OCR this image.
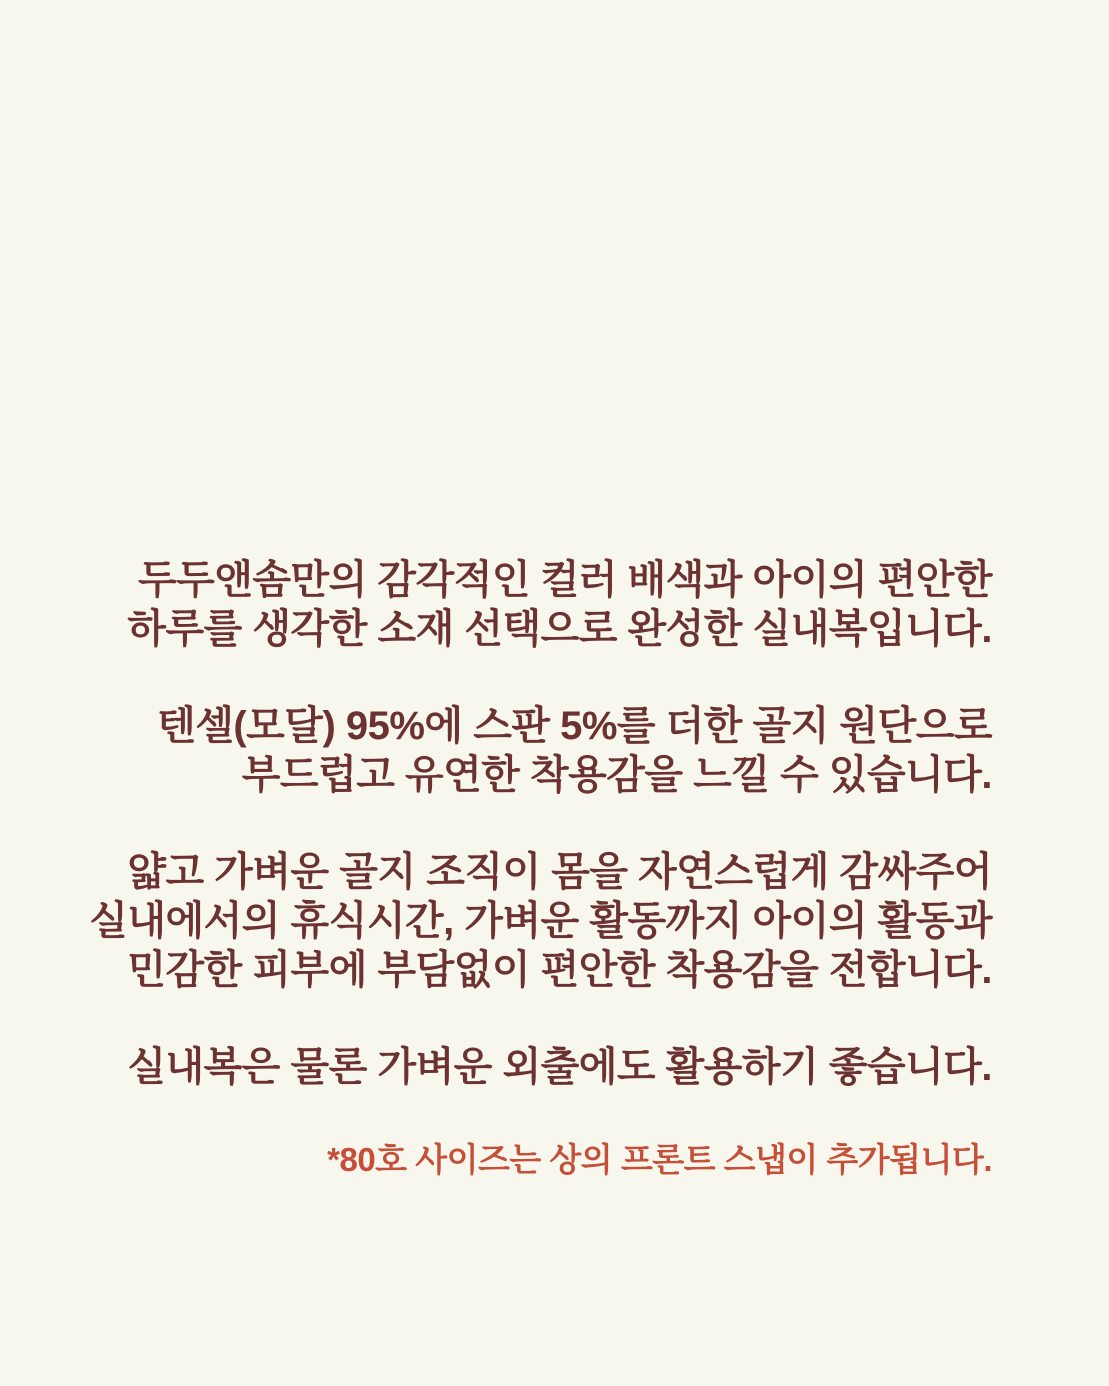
두두앤솜만의 감각적인 컬러 배색과 아이의 편안한
하루를 생각한 소재 선택으로 완성한 실내복입니다.

텐셀(모달) 95%에 스판 5%를 더한 골지 원단으로
부드럽고 유연한 착용감을 느낄 수 있습니다.

얇고 가벼운 골지 조직이 몸을 자연스럽게 감싸주어
실내에서의 휴식시간, 가벼운 활동까지 아이의 활동과
민감한 피부에 부담없이 편안한 착용감을 전합니다.

실내복은 물론 가벼운 외출에도 활용하기 좋습니다.

*80호 사이즈는 상의 프론트 스냅이 추가됩니다.
